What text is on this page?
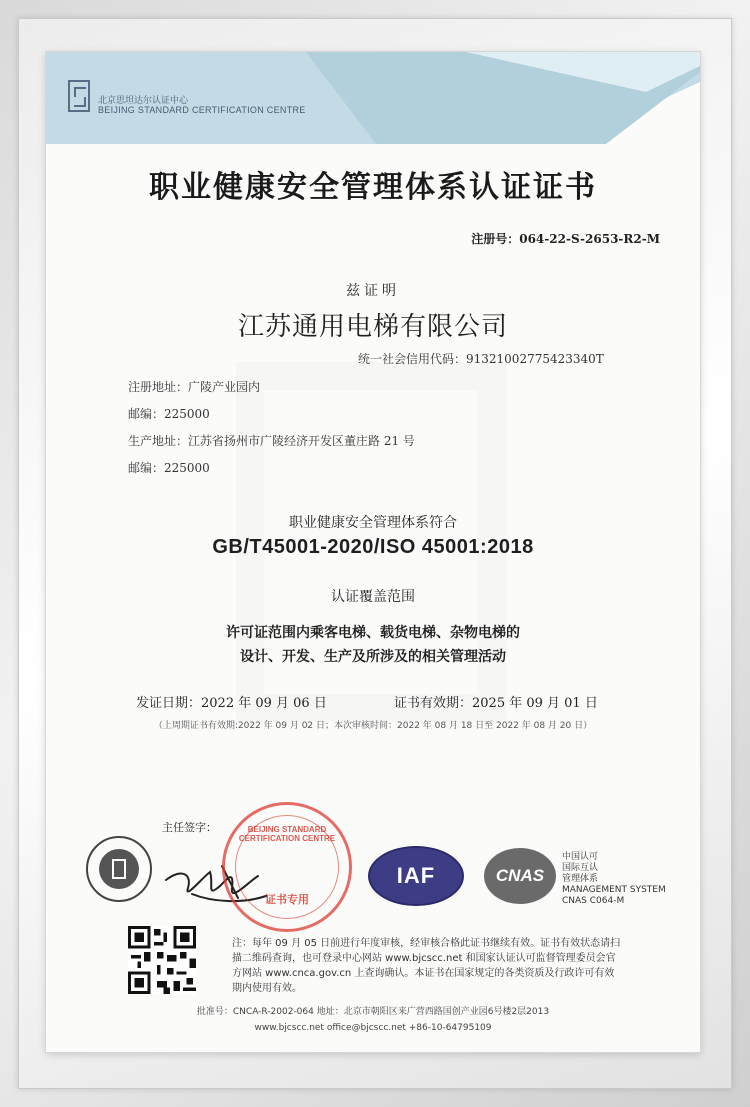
北京思坦达尔认证中心
BEIJING STANDARD CERTIFICATION CENTRE
职业健康安全管理体系认证证书
注册号：064-22-S-2653-R2-M
兹证明
江苏通用电梯有限公司
统一社会信用代码：91321002775423340T
注册地址：广陵产业园内
邮编：225000
生产地址：江苏省扬州市广陵经济开发区董庄路 21 号
邮编：225000
职业健康安全管理体系符合
GB/T45001-2020/ISO 45001:2018
认证覆盖范围
许可证范围内乘客电梯、载货电梯、杂物电梯的
设计、开发、生产及所涉及的相关管理活动
发证日期：2022 年 09 月 06 日	证书有效期：2025 年 09 月 01 日
（上周期证书有效期:2022 年 09 月 02 日；本次审核时间：2022 年 08 月 18 日至 2022 年 08 月 20 日）
主任签字：	BEIJING STANDARD CERTIFICATION CENTRE
证书专用
IAF	CNAS
中国认可
国际互认
管理体系
MANAGEMENT SYSTEM
CNAS C064-M
注：每年 09 月 05 日前进行年度审核，经审核合格此证书继续有效。证书有效状态请扫描二维码查询，也可登录中心网站 www.bjcscc.net 和国家认证认可监督管理委员会官方网站 www.cnca.gov.cn 上查询确认。本证书在国家规定的各类资质及行政许可有效期内使用有效。
批准号：CNCA-R-2002-064 地址：北京市朝阳区来广营西路国创产业园6号楼2层2013
www.bjcscc.net office@bjcscc.net +86-10-64795109
